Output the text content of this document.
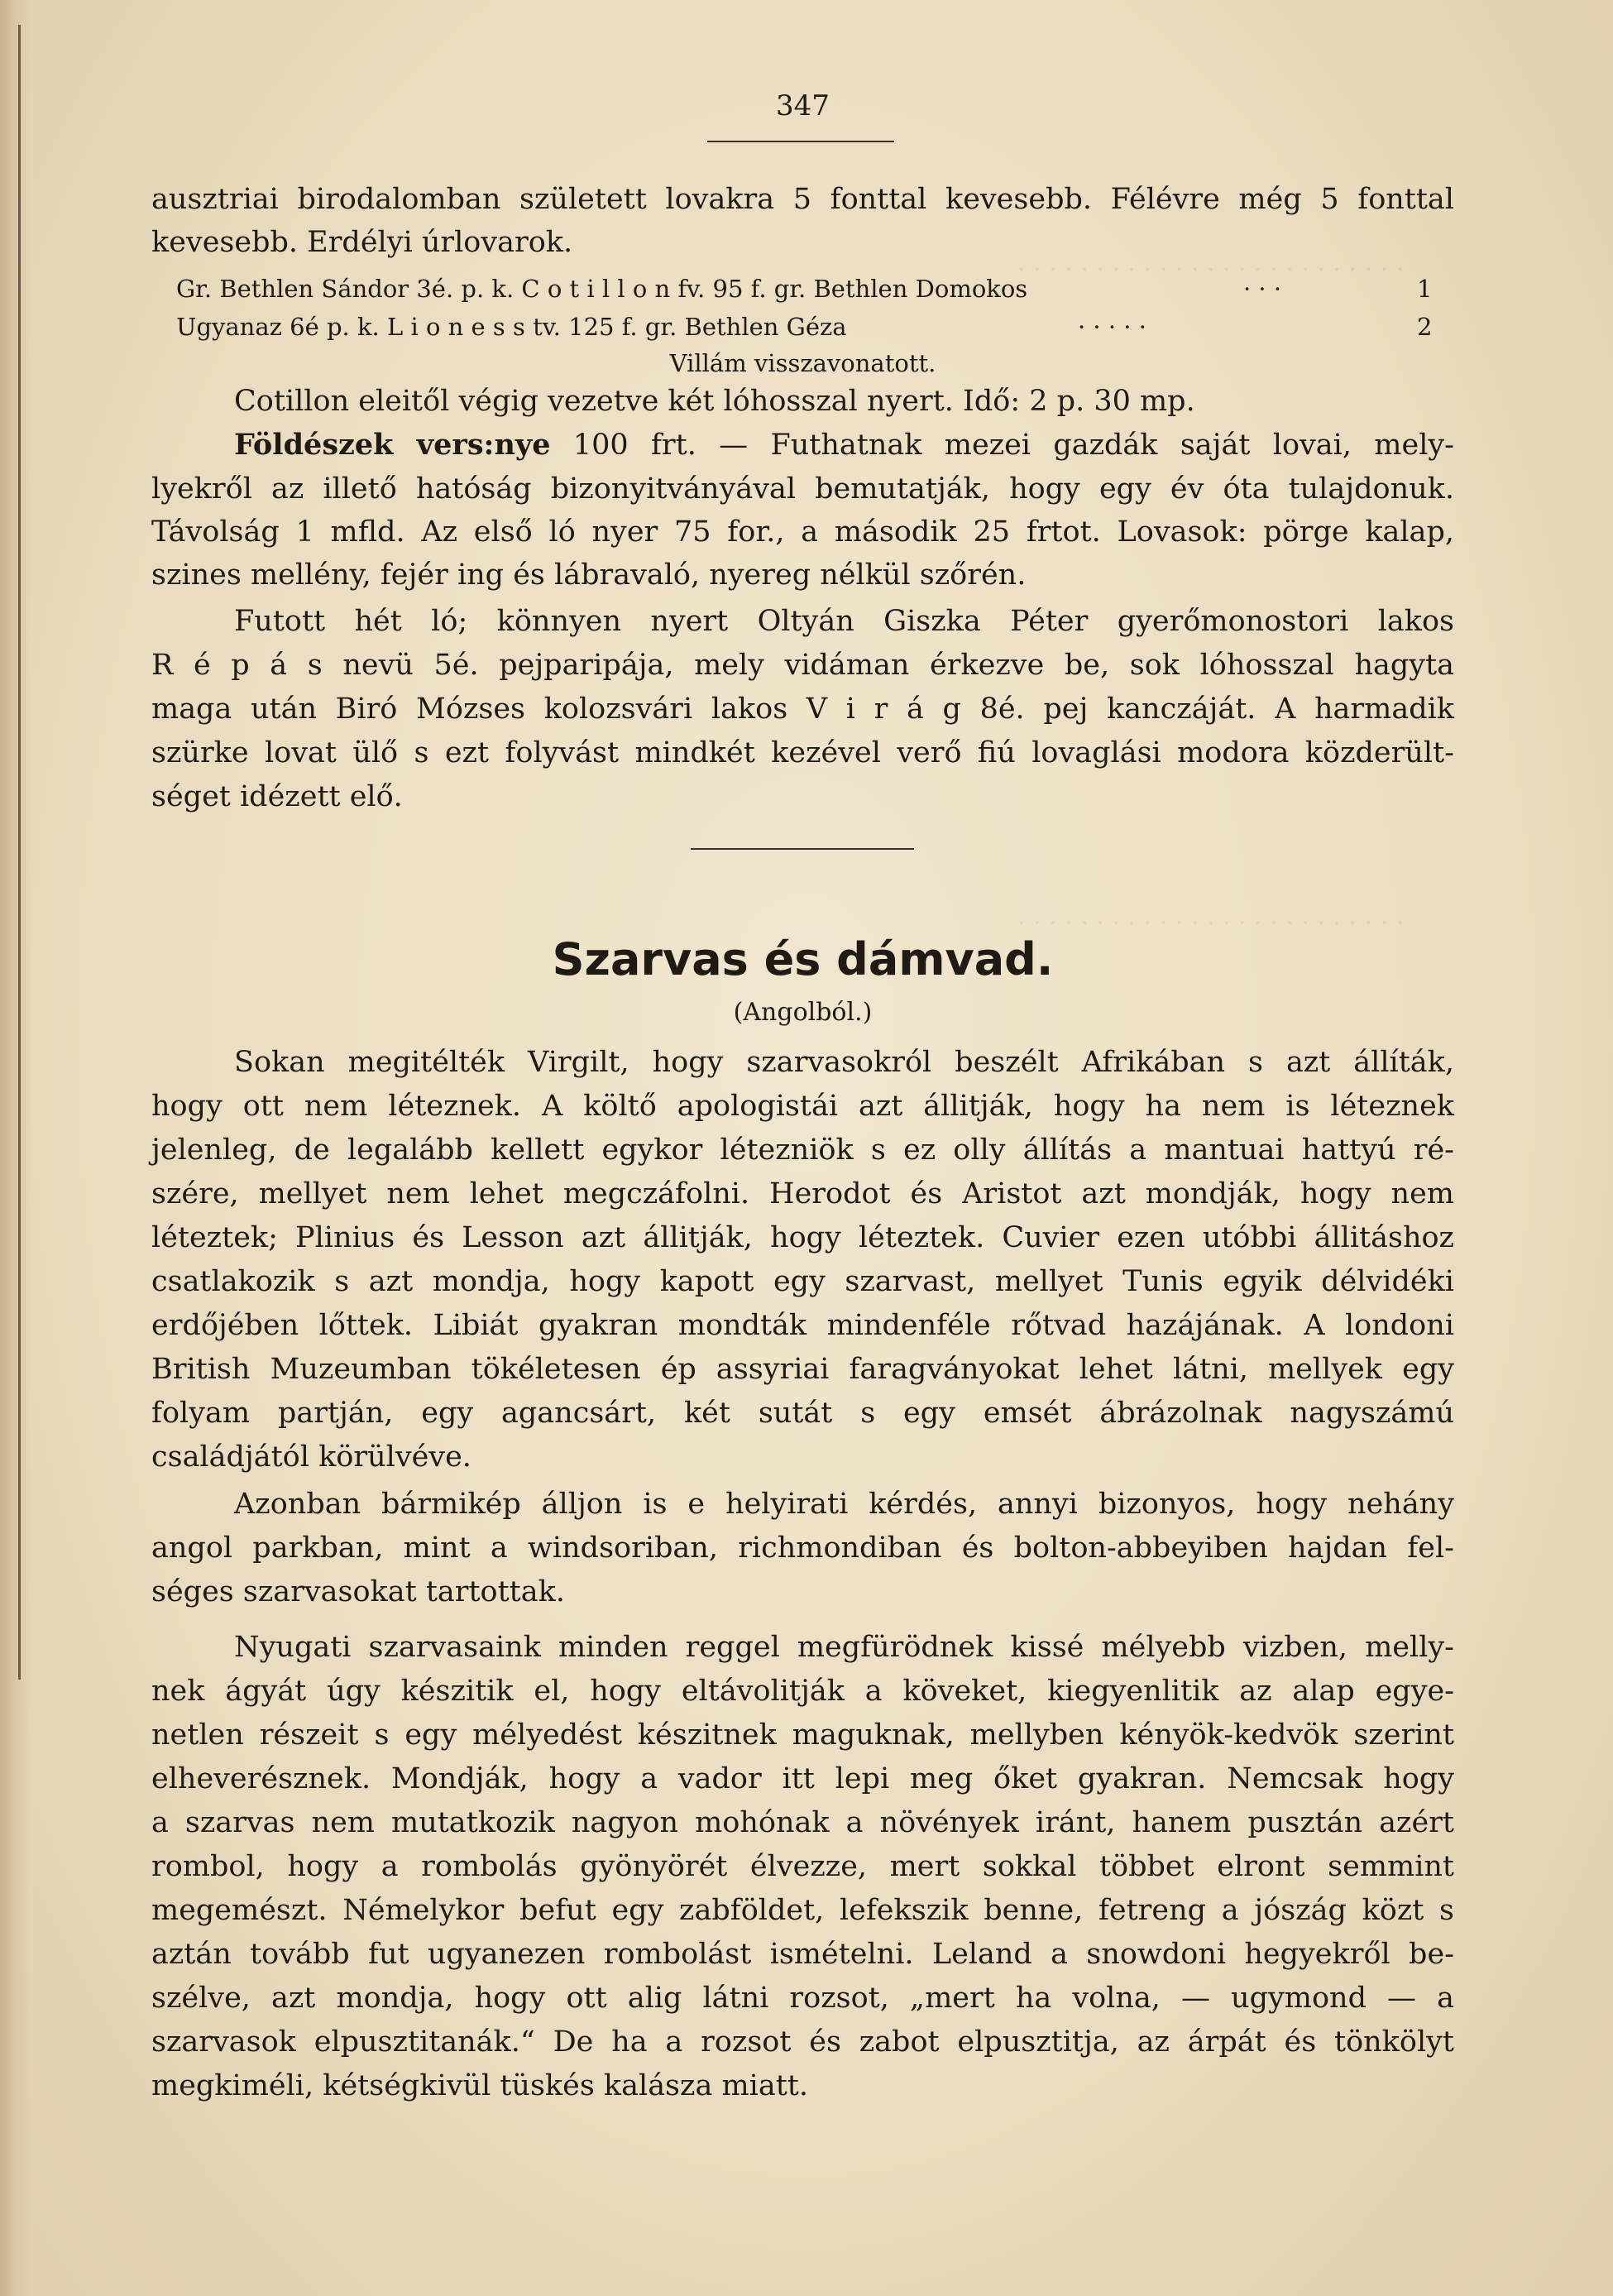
. . . . . . . . . . . . . . . . . . . . . . . . .
. . . . . . . . . . . . . . . . . . . . . . . . .
347
ausztriai birodalomban született lovakra 5 fonttal kevesebb. Félévre még 5 fonttal
kevesebb. Erdélyi úrlovarok.
Gr. Bethlen Sándor 3é. p. k. C o t i l l o n fv. 95 f. gr. Bethlen Domokos	· · ·	1
Ugyanaz 6é p. k. L i o n e s s tv. 125 f. gr. Bethlen Géza	· · · · ·	2
Villám visszavonatott.
Cotillon eleitől végig vezetve két lóhosszal nyert. Idő: 2 p. 30 mp.
Földészek vers:nye 100 frt. — Futhatnak mezei gazdák saját lovai, mely-
lyekről az illető hatóság bizonyitványával bemutatják, hogy egy év óta tulajdonuk.
Távolság 1 mfld. Az első ló nyer 75 for., a második 25 frtot. Lovasok: pörge kalap,
szines mellény, fejér ing és lábravaló, nyereg nélkül szőrén.
Futott hét ló; könnyen nyert Oltyán Giszka Péter gyerőmonostori lakos
R é p á s nevü 5é. pejparipája, mely vidáman érkezve be, sok lóhosszal hagyta
maga után Biró Mózses kolozsvári lakos V i r á g 8é. pej kanczáját. A harmadik
szürke lovat ülő s ezt folyvást mindkét kezével verő fiú lovaglási modora közderült-
séget idézett elő.
Szarvas és dámvad.
(Angolból.)
Sokan megitélték Virgilt, hogy szarvasokról beszélt Afrikában s azt állíták,
hogy ott nem léteznek. A költő apologistái azt állitják, hogy ha nem is léteznek
jelenleg, de legalább kellett egykor létezniök s ez olly állítás a mantuai hattyú ré-
szére, mellyet nem lehet megczáfolni. Herodot és Aristot azt mondják, hogy nem
léteztek; Plinius és Lesson azt állitják, hogy léteztek. Cuvier ezen utóbbi állitáshoz
csatlakozik s azt mondja, hogy kapott egy szarvast, mellyet Tunis egyik délvidéki
erdőjében lőttek. Libiát gyakran mondták mindenféle rőtvad hazájának. A londoni
British Muzeumban tökéletesen ép assyriai faragványokat lehet látni, mellyek egy
folyam partján, egy agancsárt, két sutát s egy emsét ábrázolnak nagyszámú
családjától körülvéve.
Azonban bármikép álljon is e helyirati kérdés, annyi bizonyos, hogy nehány
angol parkban, mint a windsoriban, richmondiban és bolton-abbeyiben hajdan fel-
séges szarvasokat tartottak.
Nyugati szarvasaink minden reggel megfürödnek kissé mélyebb vizben, melly-
nek ágyát úgy készitik el, hogy eltávolitják a köveket, kiegyenlitik az alap egye-
netlen részeit s egy mélyedést készitnek maguknak, mellyben kényök-kedvök szerint
elheverésznek. Mondják, hogy a vador itt lepi meg őket gyakran. Nemcsak hogy
a szarvas nem mutatkozik nagyon mohónak a növények iránt, hanem pusztán azért
rombol, hogy a rombolás gyönyörét élvezze, mert sokkal többet elront semmint
megemészt. Némelykor befut egy zabföldet, lefekszik benne, fetreng a jószág közt s
aztán tovább fut ugyanezen rombolást ismételni. Leland a snowdoni hegyekről be-
szélve, azt mondja, hogy ott alig látni rozsot, „mert ha volna, — ugymond — a
szarvasok elpusztitanák.“ De ha a rozsot és zabot elpusztitja, az árpát és tönkölyt
megkiméli, kétségkivül tüskés kalásza miatt.
